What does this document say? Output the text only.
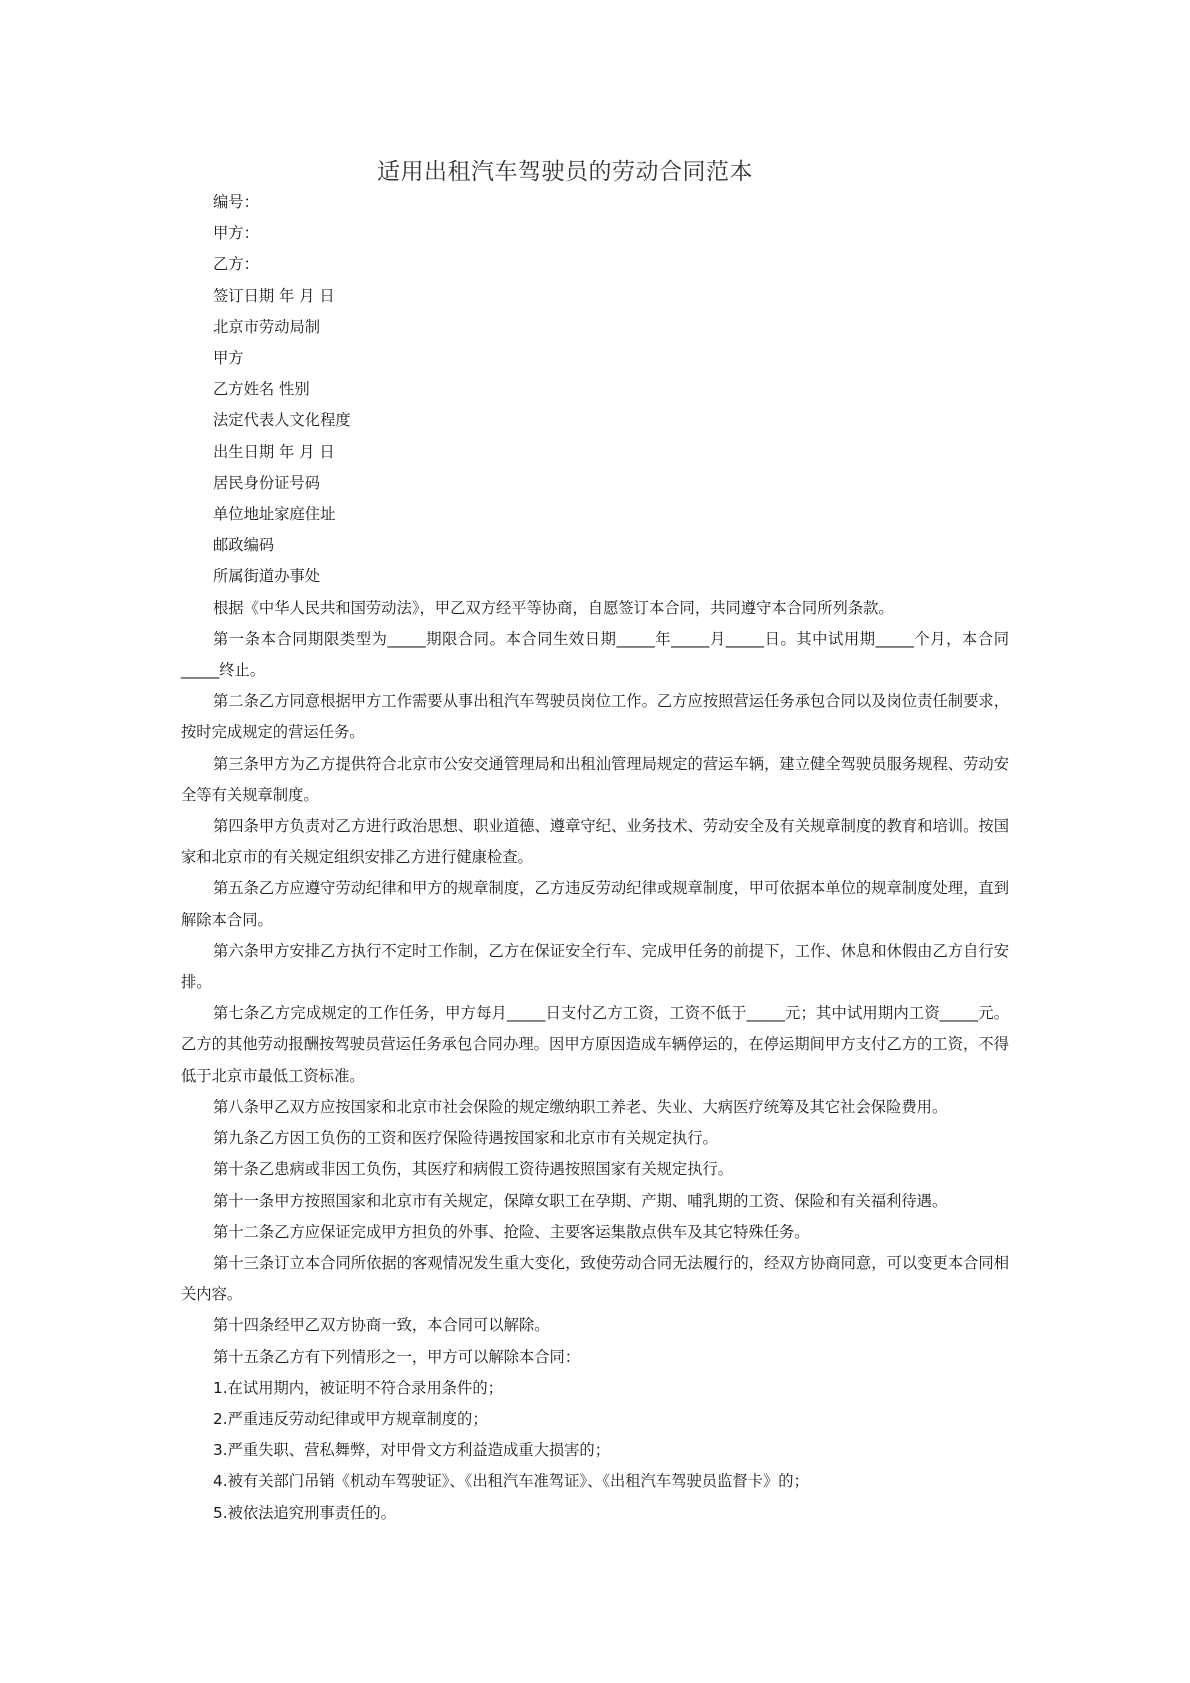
适用出租汽车驾驶员的劳动合同范本

编号：

甲方：

乙方：

签订日期 年 月 日

北京市劳动局制

甲方

乙方姓名 性别

法定代表人文化程度

出生日期 年 月 日

居民身份证号码

单位地址家庭住址

邮政编码

所属街道办事处

根据《中华人民共和国劳动法》，甲乙双方经平等协商，自愿签订本合同，共同遵守本合同所列条款。

第一条本合同期限类型为_____期限合同。本合同生效日期_____年_____月_____日。其中试用期_____个月，本合同_____终止。

第二条乙方同意根据甲方工作需要从事出租汽车驾驶员岗位工作。乙方应按照营运任务承包合同以及岗位责任制要求，按时完成规定的营运任务。

第三条甲方为乙方提供符合北京市公安交通管理局和出租汕管理局规定的营运车辆，建立健全驾驶员服务规程、劳动安全等有关规章制度。

第四条甲方负责对乙方进行政治思想、职业道德、遵章守纪、业务技术、劳动安全及有关规章制度的教育和培训。按国家和北京市的有关规定组织安排乙方进行健康检查。

第五条乙方应遵守劳动纪律和甲方的规章制度，乙方违反劳动纪律或规章制度，甲可依据本单位的规章制度处理，直到解除本合同。

第六条甲方安排乙方执行不定时工作制，乙方在保证安全行车、完成甲任务的前提下，工作、休息和休假由乙方自行安排。

第七条乙方完成规定的工作任务，甲方每月_____日支付乙方工资，工资不低于_____元；其中试用期内工资_____元。乙方的其他劳动报酬按驾驶员营运任务承包合同办理。因甲方原因造成车辆停运的，在停运期间甲方支付乙方的工资，不得低于北京市最低工资标准。

第八条甲乙双方应按国家和北京市社会保险的规定缴纳职工养老、失业、大病医疗统筹及其它社会保险费用。

第九条乙方因工负伤的工资和医疗保险待遇按国家和北京市有关规定执行。

第十条乙患病或非因工负伤，其医疗和病假工资待遇按照国家有关规定执行。

第十一条甲方按照国家和北京市有关规定，保障女职工在孕期、产期、哺乳期的工资、保险和有关福利待遇。

第十二条乙方应保证完成甲方担负的外事、抢险、主要客运集散点供车及其它特殊任务。

第十三条订立本合同所依据的客观情况发生重大变化，致使劳动合同无法履行的，经双方协商同意，可以变更本合同相关内容。

第十四条经甲乙双方协商一致，本合同可以解除。

第十五条乙方有下列情形之一，甲方可以解除本合同：

1.在试用期内，被证明不符合录用条件的；

2.严重违反劳动纪律或甲方规章制度的；

3.严重失职、营私舞弊，对甲骨文方利益造成重大损害的；

4.被有关部门吊销《机动车驾驶证》、《出租汽车准驾证》、《出租汽车驾驶员监督卡》的；

5.被依法追究刑事责任的。
